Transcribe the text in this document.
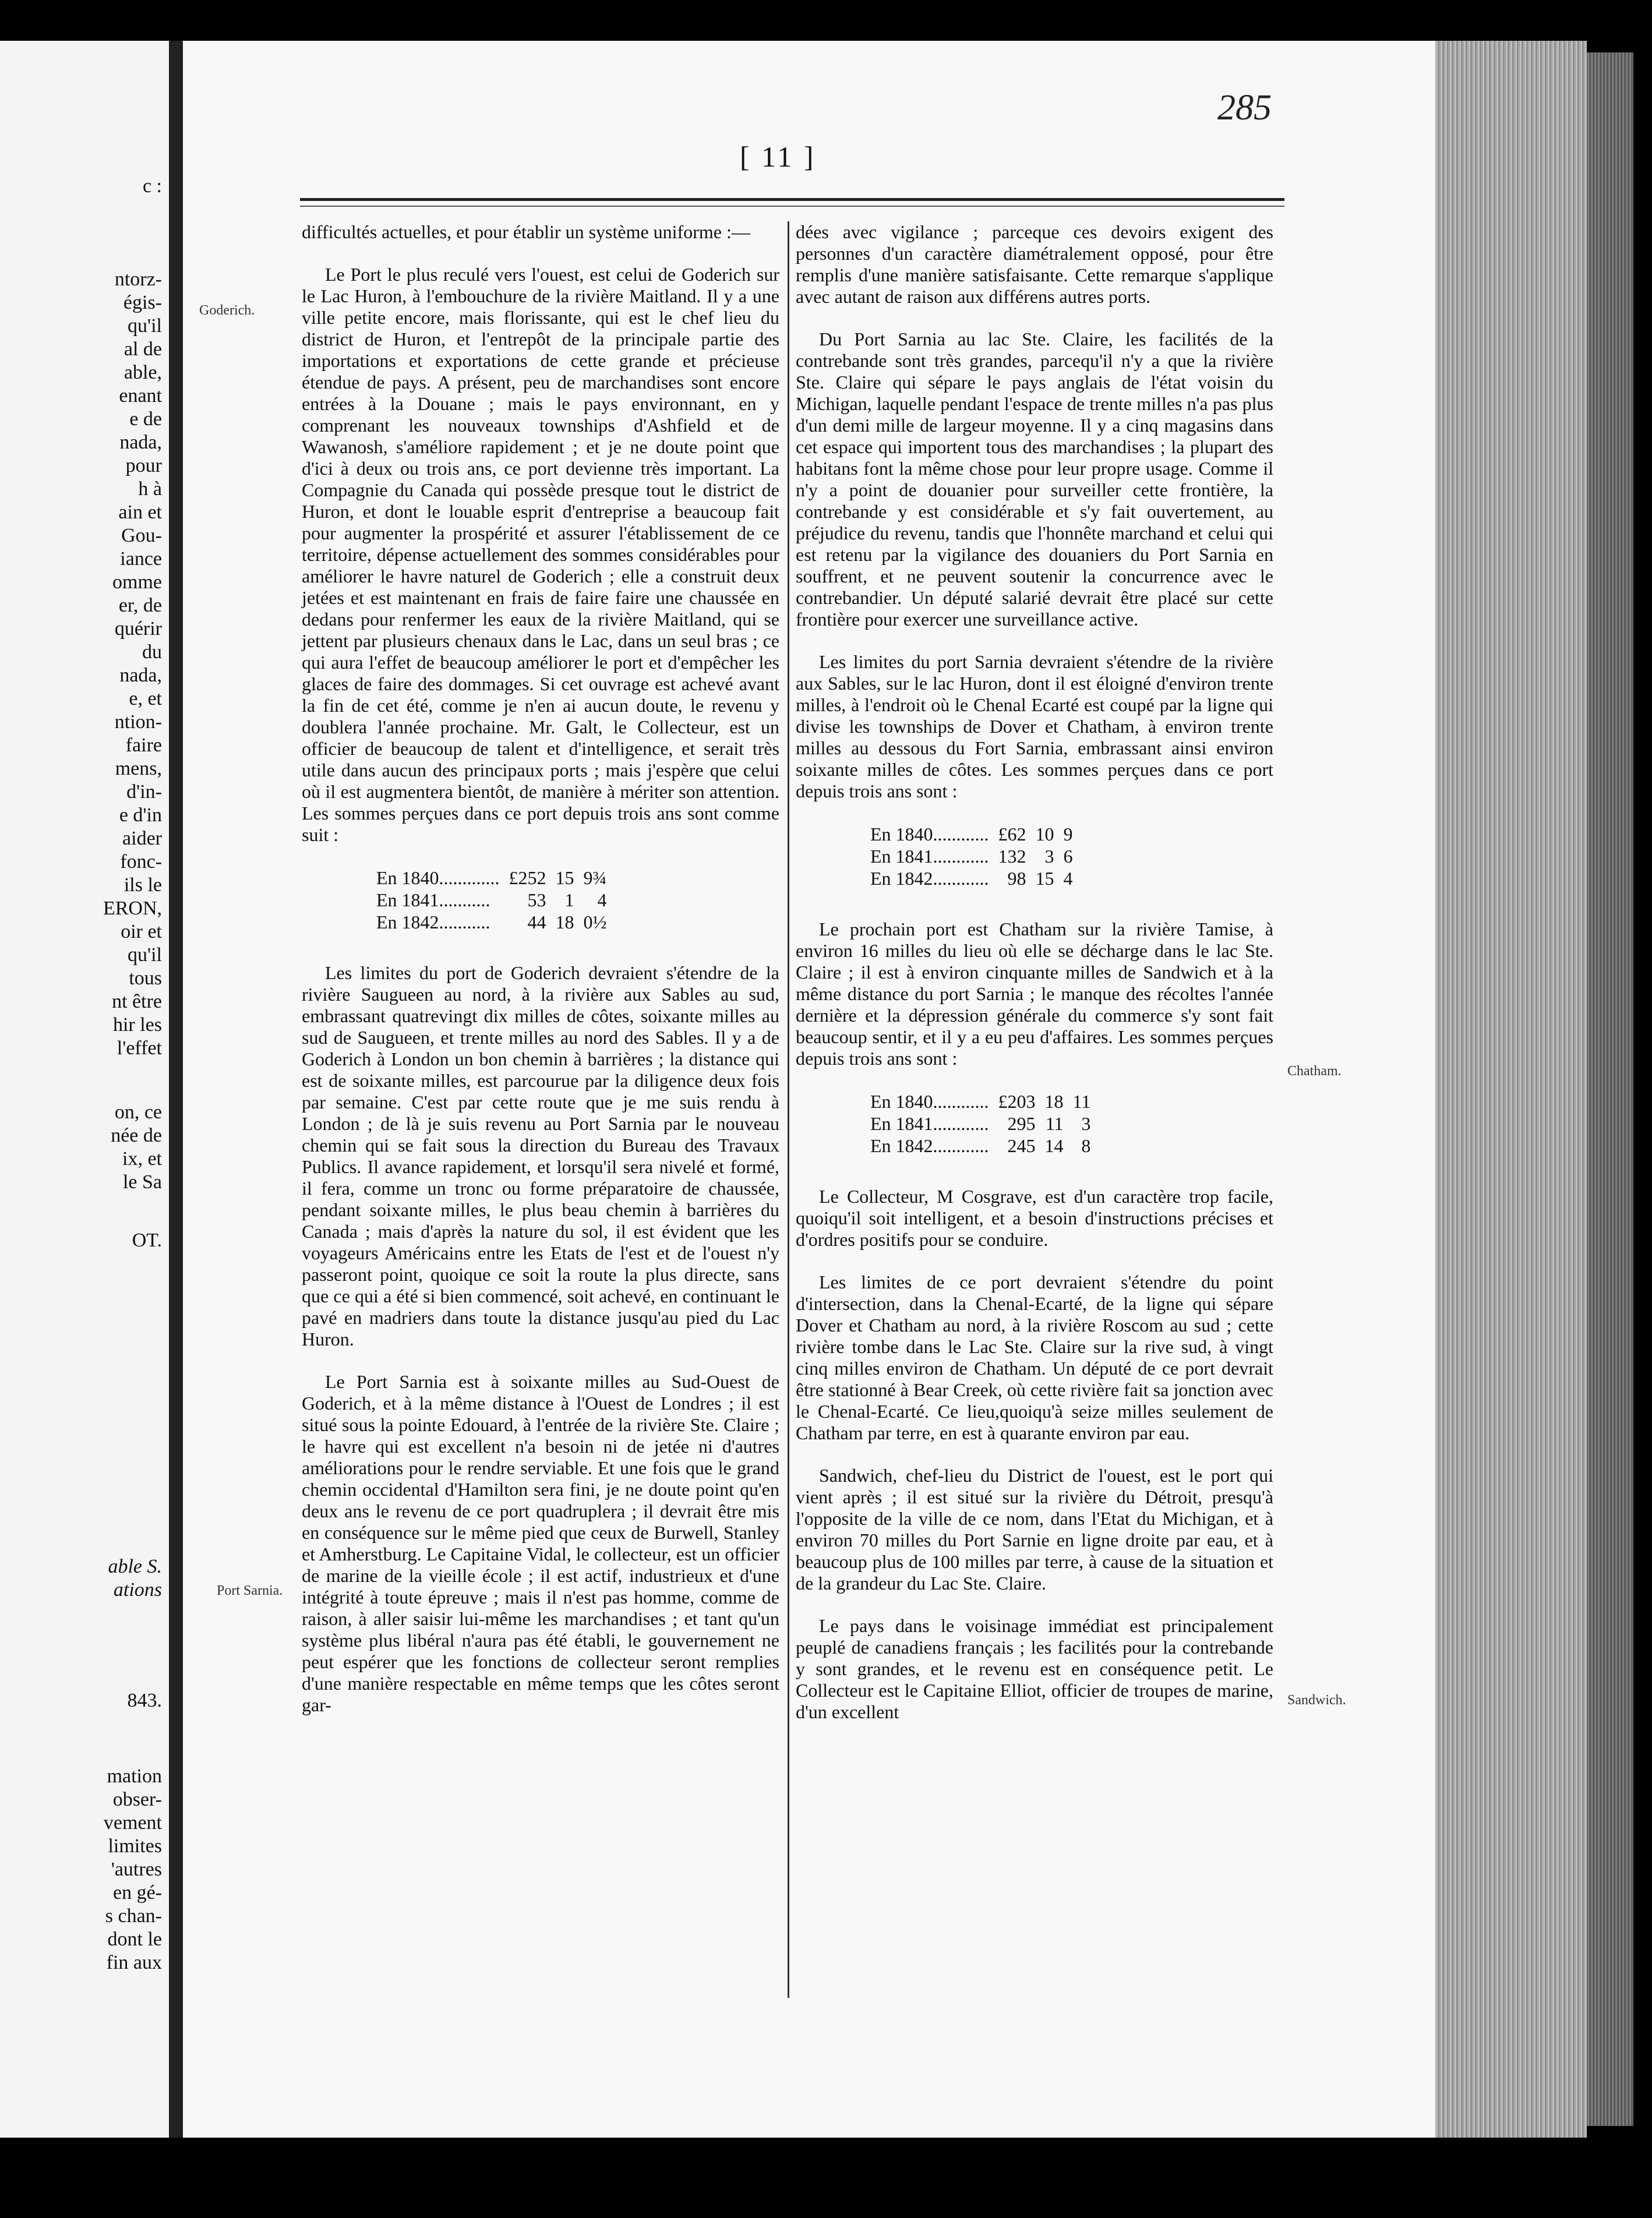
c :
ntorz-
égis-
qu'il
al de
able,
enant
e de
nada,
pour
h à
ain et
Gou-
iance
omme
er, de
quérir
du
nada,
e, et
ntion-
faire
mens,
d'in-
e d'in
aider
fonc-
ils le
ERON,
oir et
qu'il
tous
nt être
hir les
l'effet
on, ce
née de
ix, et
le Sa
OT.
able S.
ations
843.
mation
obser-
vement
limites
'autres
en gé-
s chan-
dont le
fin aux
[ 11 ]
285
Goderich.
Port Sarnia.
Chatham.
Sandwich.

difficultés actuelles, et pour établir un système uniforme :—

Le Port le plus reculé vers l'ouest, est celui de Goderich sur le Lac Huron, à l'embouchure de la rivière Maitland. Il y a une ville petite encore, mais florissante, qui est le chef lieu du district de Huron, et l'entrepôt de la principale partie des importations et exportations de cette grande et précieuse étendue de pays. A présent, peu de marchandises sont encore entrées à la Douane ; mais le pays environnant, en y comprenant les nouveaux townships d'Ashfield et de Wawanosh, s'améliore rapidement ; et je ne doute point que d'ici à deux ou trois ans, ce port devienne très important. La Compagnie du Canada qui possède presque tout le district de Huron, et dont le louable esprit d'entreprise a beaucoup fait pour augmenter la prospérité et assurer l'établissement de ce territoire, dépense actuellement des sommes considérables pour améliorer le havre naturel de Goderich ; elle a construit deux jetées et est maintenant en frais de faire faire une chaussée en dedans pour renfermer les eaux de la rivière Maitland, qui se jettent par plusieurs chenaux dans le Lac, dans un seul bras ; ce qui aura l'effet de beaucoup améliorer le port et d'empêcher les glaces de faire des dommages. Si cet ouvrage est achevé avant la fin de cet été, comme je n'en ai aucun doute, le revenu y doublera l'année prochaine. Mr. Galt, le Collecteur, est un officier de beaucoup de talent et d'intelligence, et serait très utile dans aucun des principaux ports ; mais j'espère que celui où il est augmentera bientôt, de manière à mériter son attention. Les sommes perçues dans ce port depuis trois ans sont comme suit :

En 1840.............	£252	15	9¾
En 1841...........	53	1	4
En 1842...........	44	18	0½

Les limites du port de Goderich devraient s'étendre de la rivière Saugueen au nord, à la rivière aux Sables au sud, embrassant quatrevingt dix milles de côtes, soixante milles au sud de Saugueen, et trente milles au nord des Sables. Il y a de Goderich à London un bon chemin à barrières ; la distance qui est de soixante milles, est parcourue par la diligence deux fois par semaine. C'est par cette route que je me suis rendu à London ; de là je suis revenu au Port Sarnia par le nouveau chemin qui se fait sous la direction du Bureau des Travaux Publics. Il avance rapidement, et lorsqu'il sera nivelé et formé, il fera, comme un tronc ou forme préparatoire de chaussée, pendant soixante milles, le plus beau chemin à barrières du Canada ; mais d'après la nature du sol, il est évident que les voyageurs Américains entre les Etats de l'est et de l'ouest n'y passeront point, quoique ce soit la route la plus directe, sans que ce qui a été si bien commencé, soit achevé, en continuant le pavé en madriers dans toute la distance jusqu'au pied du Lac Huron.

Le Port Sarnia est à soixante milles au Sud-Ouest de Goderich, et à la même distance à l'Ouest de Londres ; il est situé sous la pointe Edouard, à l'entrée de la rivière Ste. Claire ; le havre qui est excellent n'a besoin ni de jetée ni d'autres améliorations pour le rendre serviable. Et une fois que le grand chemin occidental d'Hamilton sera fini, je ne doute point qu'en deux ans le revenu de ce port quadruplera ; il devrait être mis en conséquence sur le même pied que ceux de Burwell, Stanley et Amherstburg. Le Capitaine Vidal, le collecteur, est un officier de marine de la vieille école ; il est actif, industrieux et d'une intégrité à toute épreuve ; mais il n'est pas homme, comme de raison, à aller saisir lui-même les marchandises ; et tant qu'un système plus libéral n'aura pas été établi, le gouvernement ne peut espérer que les fonctions de collecteur seront remplies d'une manière respectable en même temps que les côtes seront gar-

dées avec vigilance ; parceque ces devoirs exigent des personnes d'un caractère diamétralement opposé, pour être remplis d'une manière satisfaisante. Cette remarque s'applique avec autant de raison aux différens autres ports.

Du Port Sarnia au lac Ste. Claire, les facilités de la contrebande sont très grandes, parcequ'il n'y a que la rivière Ste. Claire qui sépare le pays anglais de l'état voisin du Michigan, laquelle pendant l'espace de trente milles n'a pas plus d'un demi mille de largeur moyenne. Il y a cinq magasins dans cet espace qui importent tous des marchandises ; la plupart des habitans font la même chose pour leur propre usage. Comme il n'y a point de douanier pour surveiller cette frontière, la contrebande y est considérable et s'y fait ouvertement, au préjudice du revenu, tandis que l'honnête marchand et celui qui est retenu par la vigilance des douaniers du Port Sarnia en souffrent, et ne peuvent soutenir la concurrence avec le contrebandier. Un député salarié devrait être placé sur cette frontière pour exercer une surveillance active.

Les limites du port Sarnia devraient s'étendre de la rivière aux Sables, sur le lac Huron, dont il est éloigné d'environ trente milles, à l'endroit où le Chenal Ecarté est coupé par la ligne qui divise les townships de Dover et Chatham, à environ trente milles au dessous du Fort Sarnia, embrassant ainsi environ soixante milles de côtes. Les sommes perçues dans ce port depuis trois ans sont :

En 1840............	£62	10	9
En 1841............	132	3	6
En 1842............	98	15	4

Le prochain port est Chatham sur la rivière Tamise, à environ 16 milles du lieu où elle se décharge dans le lac Ste. Claire ; il est à environ cinquante milles de Sandwich et à la même distance du port Sarnia ; le manque des récoltes l'année dernière et la dépression générale du commerce s'y sont fait beaucoup sentir, et il y a eu peu d'affaires. Les sommes perçues depuis trois ans sont :

En 1840............	£203	18	11
En 1841............	295	11	3
En 1842............	245	14	8

Le Collecteur, M Cosgrave, est d'un caractère trop facile, quoiqu'il soit intelligent, et a besoin d'instructions précises et d'ordres positifs pour se conduire.

Les limites de ce port devraient s'étendre du point d'intersection, dans la Chenal-Ecarté, de la ligne qui sépare Dover et Chatham au nord, à la rivière Roscom au sud ; cette rivière tombe dans le Lac Ste. Claire sur la rive sud, à vingt cinq milles environ de Chatham. Un député de ce port devrait être stationné à Bear Creek, où cette rivière fait sa jonction avec le Chenal-Ecarté. Ce lieu,quoiqu'à seize milles seulement de Chatham par terre, en est à quarante environ par eau.

Sandwich, chef-lieu du District de l'ouest, est le port qui vient après ; il est situé sur la rivière du Détroit, presqu'à l'opposite de la ville de ce nom, dans l'Etat du Michigan, et à environ 70 milles du Port Sarnie en ligne droite par eau, et à beaucoup plus de 100 milles par terre, à cause de la situation et de la grandeur du Lac Ste. Claire.

Le pays dans le voisinage immédiat est principalement peuplé de canadiens français ; les facilités pour la contrebande y sont grandes, et le revenu est en conséquence petit. Le Collecteur est le Capitaine Elliot, officier de troupes de marine, d'un excellent
